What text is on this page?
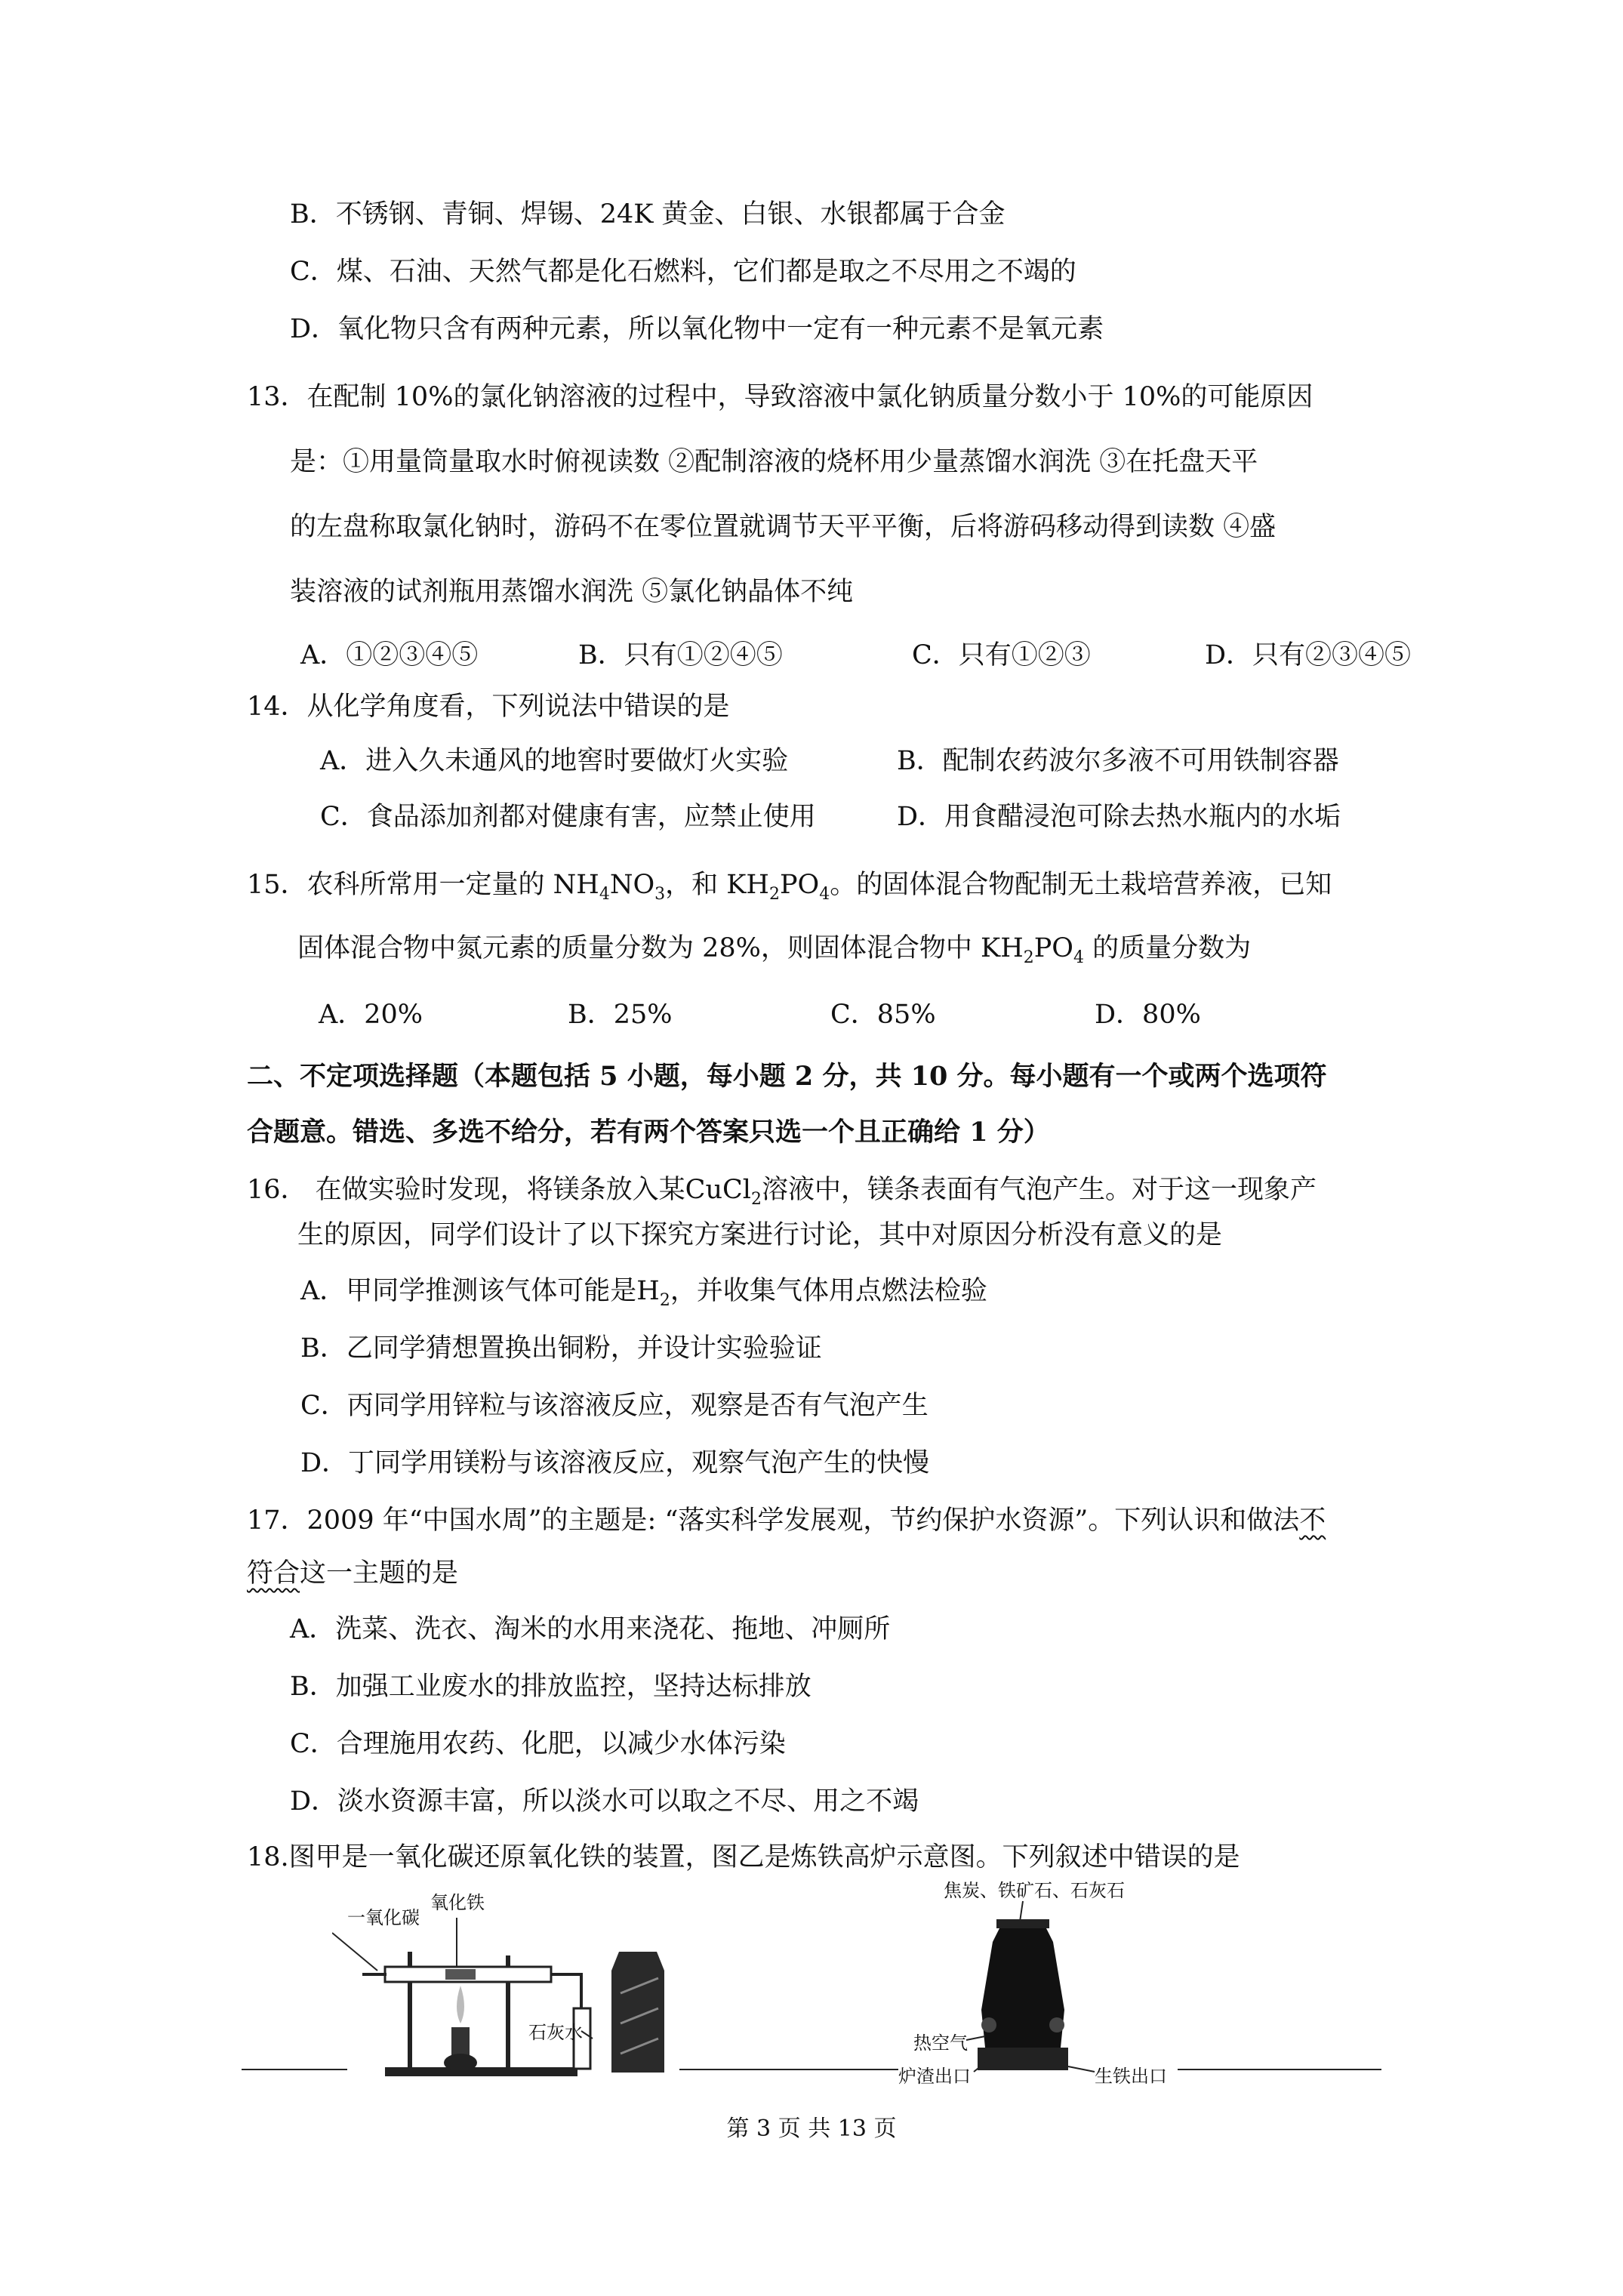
B．不锈钢、青铜、焊锡、24K 黄金、白银、水银都属于合金
C．煤、石油、天然气都是化石燃料，它们都是取之不尽用之不竭的
D．氧化物只含有两种元素，所以氧化物中一定有一种元素不是氧元素
13．在配制 10%的氯化钠溶液的过程中，导致溶液中氯化钠质量分数小于 10%的可能原因
是：①用量筒量取水时俯视读数 ②配制溶液的烧杯用少量蒸馏水润洗 ③在托盘天平
的左盘称取氯化钠时，游码不在零位置就调节天平平衡，后将游码移动得到读数 ④盛
装溶液的试剂瓶用蒸馏水润洗 ⑤氯化钠晶体不纯
A．①②③④⑤	B．只有①②④⑤	C．只有①②③	D．只有②③④⑤
14．从化学角度看，下列说法中错误的是
A．进入久未通风的地窖时要做灯火实验	B．配制农药波尔多液不可用铁制容器
C．食品添加剂都对健康有害，应禁止使用	D．用食醋浸泡可除去热水瓶内的水垢
15．农科所常用一定量的 $NH_4NO_3$，和 $KH_2PO_4$。的固体混合物配制无土栽培营养液，已知
固体混合物中氮元素的质量分数为 28%，则固体混合物中 $KH_2PO_4$ 的质量分数为
A．20%	B．25%	C．85%	D．80%
二、不定项选择题（本题包括 5 小题，每小题 2 分，共 10 分。每小题有一个或两个选项符
合题意。错选、多选不给分，若有两个答案只选一个且正确给 1 分）
16． 在做实验时发现，将镁条放入某CuCl$_2$溶液中，镁条表面有气泡产生。对于这一现象产
生的原因，同学们设计了以下探究方案进行讨论，其中对原因分析没有意义的是
A．甲同学推测该气体可能是$H_2$，并收集气体用点燃法检验
B．乙同学猜想置换出铜粉，并设计实验验证
C．丙同学用锌粒与该溶液反应，观察是否有气泡产生
D．丁同学用镁粉与该溶液反应，观察气泡产生的快慢
17．2009 年“中国水周”的主题是: “落实科学发展观，节约保护水资源”。下列认识和做法不
符合这一主题的是
A．洗菜、洗衣、淘米的水用来浇花、拖地、冲厕所
B．加强工业废水的排放监控，坚持达标排放
C．合理施用农药、化肥，以减少水体污染
D．淡水资源丰富，所以淡水可以取之不尽、用之不竭
18.图甲是一氧化碳还原氧化铁的装置，图乙是炼铁高炉示意图。下列叙述中错误的是
一氧化碳
氧化铁
石灰水
焦炭、铁矿石、石灰石
热空气
炉渣出口	生铁出口
第 3 页 共 13 页
